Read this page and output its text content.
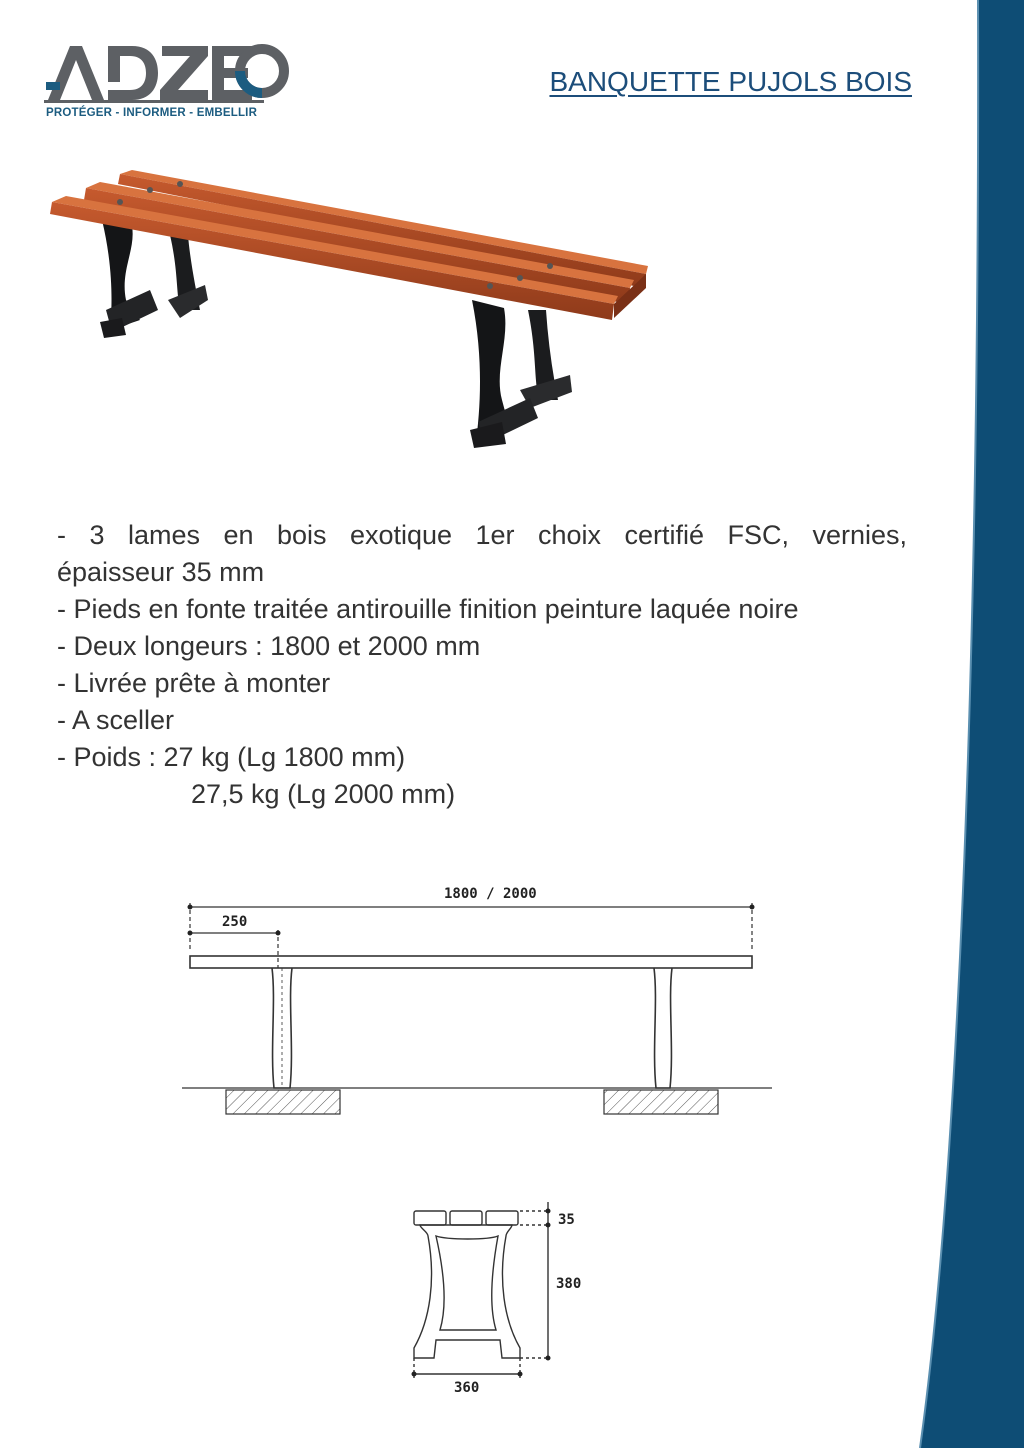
PROTÉGER - INFORMER - EMBELLIR
BANQUETTE PUJOLS BOIS
- 3 lames en bois exotique 1er choix certifié FSC, vernies,
épaisseur 35 mm
- Pieds en fonte traitée antirouille finition peinture laquée noire
- Deux longeurs : 1800 et 2000 mm
- Livrée prête à monter
- A sceller
- Poids : 27 kg (Lg 1800 mm)
27,5 kg (Lg 2000 mm)
1800 / 2000
250
35
380
360
